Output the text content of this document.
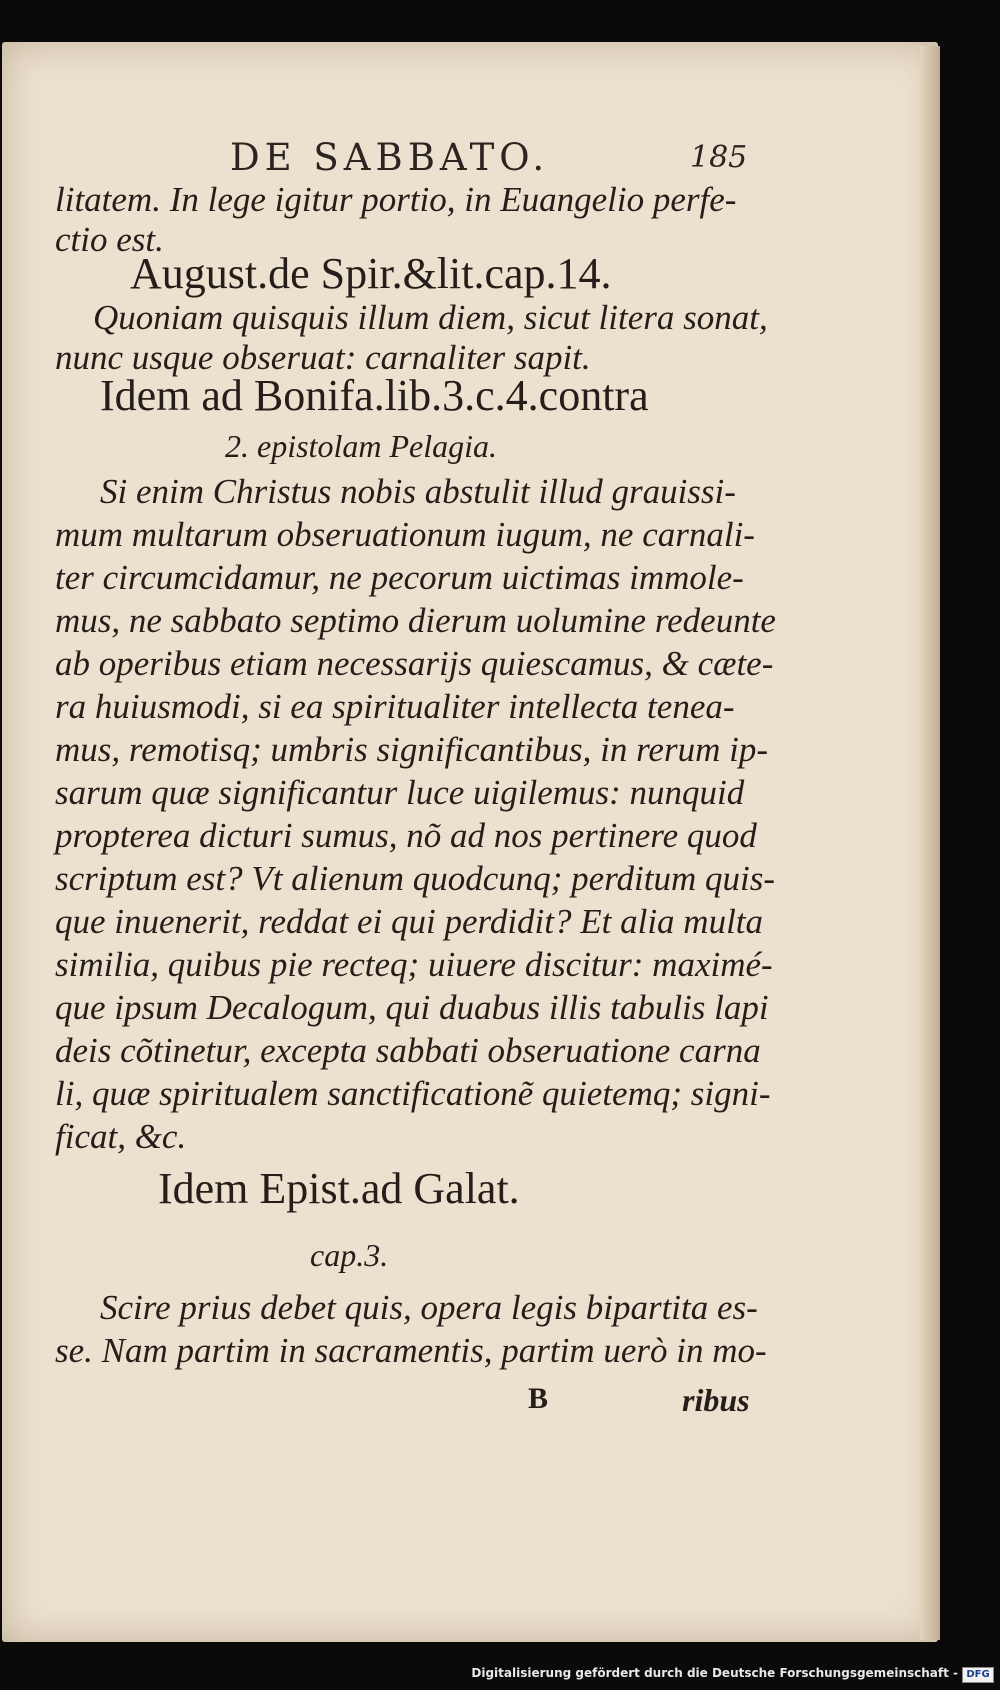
DE SABBATO.	185
litatem. In lege igitur portio, in Euangelio perfe-
ctio est.
August.de Spir.&lit.cap.14.
Quoniam quisquis illum diem, sicut litera sonat,
nunc usque obseruat: carnaliter sapit.
Idem ad Bonifa.lib.3.c.4.contra
2. epistolam Pelagia.
Si enim Christus nobis abstulit illud grauissi-
mum multarum obseruationum iugum, ne carnali-
ter circumcidamur, ne pecorum uictimas immole-
mus, ne sabbato septimo dierum uolumine redeunte
ab operibus etiam necessarijs quiescamus, & cæte-
ra huiusmodi, si ea spiritualiter intellecta tenea-
mus, remotisq; umbris significantibus, in rerum ip-
sarum quæ significantur luce uigilemus: nunquid
propterea dicturi sumus, nõ ad nos pertinere quod
scriptum est? Vt alienum quodcunq; perditum quis-
que inuenerit, reddat ei qui perdidit? Et alia multa
similia, quibus pie recteq; uiuere discitur: maximé-
que ipsum Decalogum, qui duabus illis tabulis lapi
deis cõtinetur, excepta sabbati obseruatione carna
li, quæ spiritualem sanctificationẽ quietemq; signi-
ficat, &c.
Idem Epist.ad Galat.
cap.3.
Scire prius debet quis, opera legis bipartita es-
se. Nam partim in sacramentis, partim uerò in mo-
B	ribus
Digitalisierung gefördert durch die Deutsche Forschungsgemeinschaft - DFG
